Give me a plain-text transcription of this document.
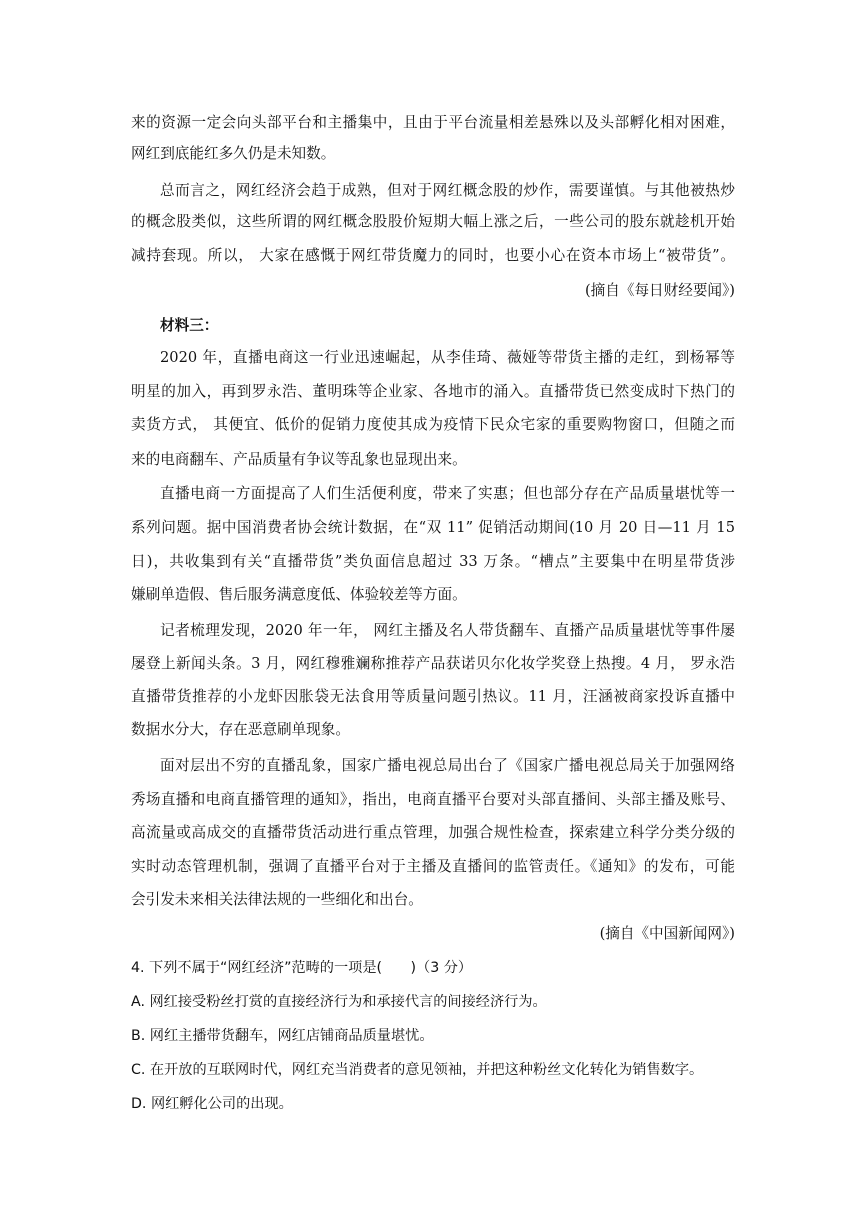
来的资源一定会向头部平台和主播集中，且由于平台流量相差悬殊以及头部孵化相对困难，
网红到底能红多久仍是未知数。
总而言之，网红经济会趋于成熟，但对于网红概念股的炒作，需要谨慎。与其他被热炒
的概念股类似，这些所谓的网红概念股股价短期大幅上涨之后，一些公司的股东就趁机开始
减持套现。所以， 大家在感慨于网红带货魔力的同时，也要小心在资本市场上“被带货”。
(摘自《每日财经要闻》)
材料三：
2020 年，直播电商这一行业迅速崛起，从李佳琦、薇娅等带货主播的走红，到杨幂等
明星的加入，再到罗永浩、董明珠等企业家、各地市的涌入。直播带货已然变成时下热门的
卖货方式， 其便宜、低价的促销力度使其成为疫情下民众宅家的重要购物窗口，但随之而
来的电商翻车、产品质量有争议等乱象也显现出来。
直播电商一方面提高了人们生活便利度，带来了实惠；但也部分存在产品质量堪忧等一
系列问题。据中国消费者协会统计数据，在“双 11” 促销活动期间(10 月 20 日—11 月 15
日)，共收集到有关“直播带货”类负面信息超过 33 万条。“槽点”主要集中在明星带货涉
嫌刷单造假、售后服务满意度低、体验较差等方面。
记者梳理发现，2020 年一年， 网红主播及名人带货翻车、直播产品质量堪忧等事件屡
屡登上新闻头条。3 月，网红穆雅斓称推荐产品获诺贝尔化妆学奖登上热搜。4 月， 罗永浩
直播带货推荐的小龙虾因胀袋无法食用等质量问题引热议。11 月，汪涵被商家投诉直播中
数据水分大，存在恶意刷单现象。
面对层出不穷的直播乱象，国家广播电视总局出台了《国家广播电视总局关于加强网络
秀场直播和电商直播管理的通知》，指出，电商直播平台要对头部直播间、头部主播及账号、
高流量或高成交的直播带货活动进行重点管理，加强合规性检查，探索建立科学分类分级的
实时动态管理机制，强调了直播平台对于主播及直播间的监管责任。《通知》的发布，可能
会引发未来相关法律法规的一些细化和出台。
(摘自《中国新闻网》)
4. 下列不属于“网红经济”范畴的一项是(　　)（3 分）
A. 网红接受粉丝打赏的直接经济行为和承接代言的间接经济行为。
B. 网红主播带货翻车，网红店铺商品质量堪忧。
C. 在开放的互联网时代，网红充当消费者的意见领袖，并把这种粉丝文化转化为销售数字。
D. 网红孵化公司的出现。
